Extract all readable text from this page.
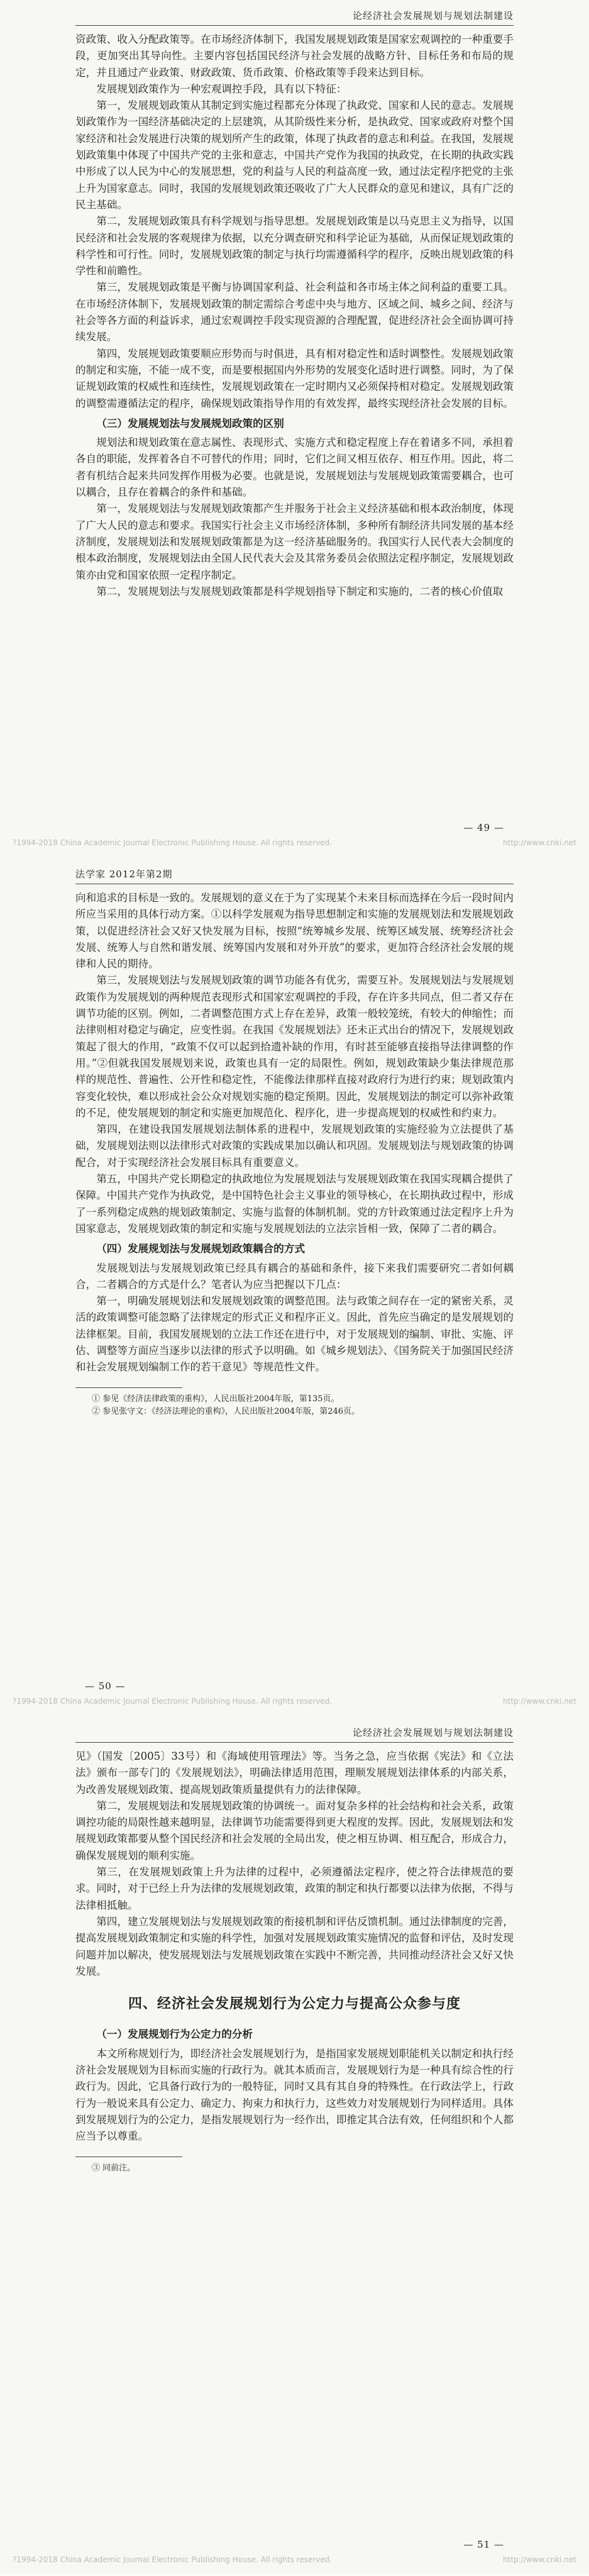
论经济社会发展规划与规划法制建设

资政策、收入分配政策等。在市场经济体制下，我国发展规划政策是国家宏观调控的一种重要手段，更加突出其导向性。主要内容包括国民经济与社会发展的战略方针、目标任务和布局的规定，并且通过产业政策、财政政策、货币政策、价格政策等手段来达到目标。

发展规划政策作为一种宏观调控手段，具有以下特征：

第一，发展规划政策从其制定到实施过程都充分体现了执政党、国家和人民的意志。发展规划政策作为一国经济基础决定的上层建筑，从其阶级性来分析，是执政党、国家或政府对整个国家经济和社会发展进行决策的规划所产生的政策，体现了执政者的意志和利益。在我国，发展规划政策集中体现了中国共产党的主张和意志，中国共产党作为我国的执政党，在长期的执政实践中形成了以人民为中心的发展思想，党的利益与人民的利益高度一致，通过法定程序把党的主张上升为国家意志。同时，我国的发展规划政策还吸收了广大人民群众的意见和建议，具有广泛的民主基础。

第二，发展规划政策具有科学规划与指导思想。发展规划政策是以马克思主义为指导，以国民经济和社会发展的客观规律为依据，以充分调查研究和科学论证为基础，从而保证规划政策的科学性和可行性。同时，发展规划政策的制定与执行均需遵循科学的程序，反映出规划政策的科学性和前瞻性。

第三，发展规划政策是平衡与协调国家利益、社会利益和各市场主体之间利益的重要工具。在市场经济体制下，发展规划政策的制定需综合考虑中央与地方、区域之间、城乡之间、经济与社会等各方面的利益诉求，通过宏观调控手段实现资源的合理配置，促进经济社会全面协调可持续发展。

第四，发展规划政策要顺应形势而与时俱进，具有相对稳定性和适时调整性。发展规划政策的制定和实施，不能一成不变，而是要根据国内外形势的发展变化适时进行调整。同时，为了保证规划政策的权威性和连续性，发展规划政策在一定时期内又必须保持相对稳定。发展规划政策的调整需遵循法定的程序，确保规划政策指导作用的有效发挥，最终实现经济社会发展的目标。

（三）发展规划法与发展规划政策的区别

规划法和规划政策在意志属性、表现形式、实施方式和稳定程度上存在着诸多不同，承担着各自的职能，发挥着各自不可替代的作用；同时，它们之间又相互依存、相互作用。因此，将二者有机结合起来共同发挥作用极为必要。也就是说，发展规划法与发展规划政策需要耦合，也可以耦合，且存在着耦合的条件和基础。

第一，发展规划法与发展规划政策都产生并服务于社会主义经济基础和根本政治制度，体现了广大人民的意志和要求。我国实行社会主义市场经济体制，多种所有制经济共同发展的基本经济制度，发展规划法和发展规划政策都是为这一经济基础服务的。我国实行人民代表大会制度的根本政治制度，发展规划法由全国人民代表大会及其常务委员会依照法定程序制定，发展规划政策亦由党和国家依照一定程序制定。

第二，发展规划法与发展规划政策都是科学规划指导下制定和实施的，二者的核心价值取

— 49 —
?1994-2018 China Academic Journal Electronic Publishing House. All rights reserved.	http://www.cnki.net
法学家 2012年第2期

向和追求的目标是一致的。发展规划的意义在于为了实现某个未来目标而选择在今后一段时间内所应当采用的具体行动方案。①以科学发展观为指导思想制定和实施的发展规划法和发展规划政策，以促进经济社会又好又快发展为目标，按照“统筹城乡发展、统筹区域发展、统筹经济社会发展、统筹人与自然和谐发展、统筹国内发展和对外开放”的要求，更加符合经济社会发展的规律和人民的期待。

第三，发展规划法与发展规划政策的调节功能各有优劣，需要互补。发展规划法与发展规划政策作为发展规划的两种规范表现形式和国家宏观调控的手段，存在许多共同点，但二者又存在调节功能的区别。例如，二者调整范围方式上存在差异，政策一般较笼统，有较大的伸缩性；而法律则相对稳定与确定，应变性弱。在我国《发展规划法》还未正式出台的情况下，发展规划政策起了很大的作用，“政策不仅可以起到拾遗补缺的作用，有时甚至能够直接指导法律调整的作用。”②但就我国发展规划来说，政策也具有一定的局限性。例如，规划政策缺少集法律规范那样的规范性、普遍性、公开性和稳定性，不能像法律那样直接对政府行为进行约束；规划政策内容变化较快，难以形成社会公众对规划实施的稳定预期。因此，发展规划法的制定可以弥补政策的不足，使发展规划的制定和实施更加规范化、程序化，进一步提高规划的权威性和约束力。

第四，在建设我国发展规划法制体系的进程中，发展规划政策的实施经验为立法提供了基础，发展规划法则以法律形式对政策的实践成果加以确认和巩固。发展规划法与规划政策的协调配合，对于实现经济社会发展目标具有重要意义。

第五，中国共产党长期稳定的执政地位为发展规划法与发展规划政策在我国实现耦合提供了保障。中国共产党作为执政党，是中国特色社会主义事业的领导核心，在长期执政过程中，形成了一系列稳定成熟的规划政策制定、实施与监督的体制机制。党的方针政策通过法定程序上升为国家意志，发展规划政策的制定和实施与发展规划法的立法宗旨相一致，保障了二者的耦合。

（四）发展规划法与发展规划政策耦合的方式

发展规划法与发展规划政策已经具有耦合的基础和条件，接下来我们需要研究二者如何耦合，二者耦合的方式是什么？笔者认为应当把握以下几点：

第一，明确发展规划法和发展规划政策的调整范围。法与政策之间存在一定的紧密关系，灵活的政策调整可能忽略了法律规定的形式正义和程序正义。因此，首先应当确定的是发展规划的法律框架。目前，我国发展规划的立法工作还在进行中，对于发展规划的编制、审批、实施、评估、调整等方面应当逐步以法律的形式予以明确。如《城乡规划法》、《国务院关于加强国民经济和社会发展规划编制工作的若干意见》等规范性文件。

① 参见《经济法律政策的重构》，人民出版社2004年版，第135页。

② 参见张守文：《经济法理论的重构》，人民出版社2004年版，第246页。

— 50 —
?1994-2018 China Academic Journal Electronic Publishing House. All rights reserved.	http://www.cnki.net
论经济社会发展规划与规划法制建设

见》（国发〔2005〕33号）和《海域使用管理法》等。当务之急，应当依据《宪法》和《立法法》颁布一部专门的《发展规划法》，明确法律适用范围，理顺发展规划法律体系的内部关系，为改善发展规划政策、提高规划政策质量提供有力的法律保障。

第二，发展规划法和发展规划政策的协调统一。面对复杂多样的社会结构和社会关系，政策调控功能的局限性越来越明显，法律调节功能需要得到更大程度的发挥。因此，发展规划法和发展规划政策都要从整个国民经济和社会发展的全局出发，使之相互协调、相互配合，形成合力，确保发展规划的顺利实施。

第三，在发展规划政策上升为法律的过程中，必须遵循法定程序，使之符合法律规范的要求。同时，对于已经上升为法律的发展规划政策，政策的制定和执行都要以法律为依据，不得与法律相抵触。

第四，建立发展规划法与发展规划政策的衔接机制和评估反馈机制。通过法律制度的完善，提高发展规划政策制定和实施的科学性，加强对发展规划政策实施情况的监督和评估，及时发现问题并加以解决，使发展规划法与发展规划政策在实践中不断完善，共同推动经济社会又好又快发展。

四、经济社会发展规划行为公定力与提高公众参与度
（一）发展规划行为公定力的分析

本文所称规划行为，即经济社会发展规划行为，是指国家发展规划职能机关以制定和执行经济社会发展规划为目标而实施的行政行为。就其本质而言，发展规划行为是一种具有综合性的行政行为。因此，它具备行政行为的一般特征，同时又具有其自身的特殊性。在行政法学上，行政行为一般说来具有公定力、确定力、拘束力和执行力，这些效力对发展规划行为同样适用。具体到发展规划行为的公定力，是指发展规划行为一经作出，即推定其合法有效，任何组织和个人都应当予以尊重。

③ 同前注。

— 51 —
?1994-2018 China Academic Journal Electronic Publishing House. All rights reserved.	http://www.cnki.net
